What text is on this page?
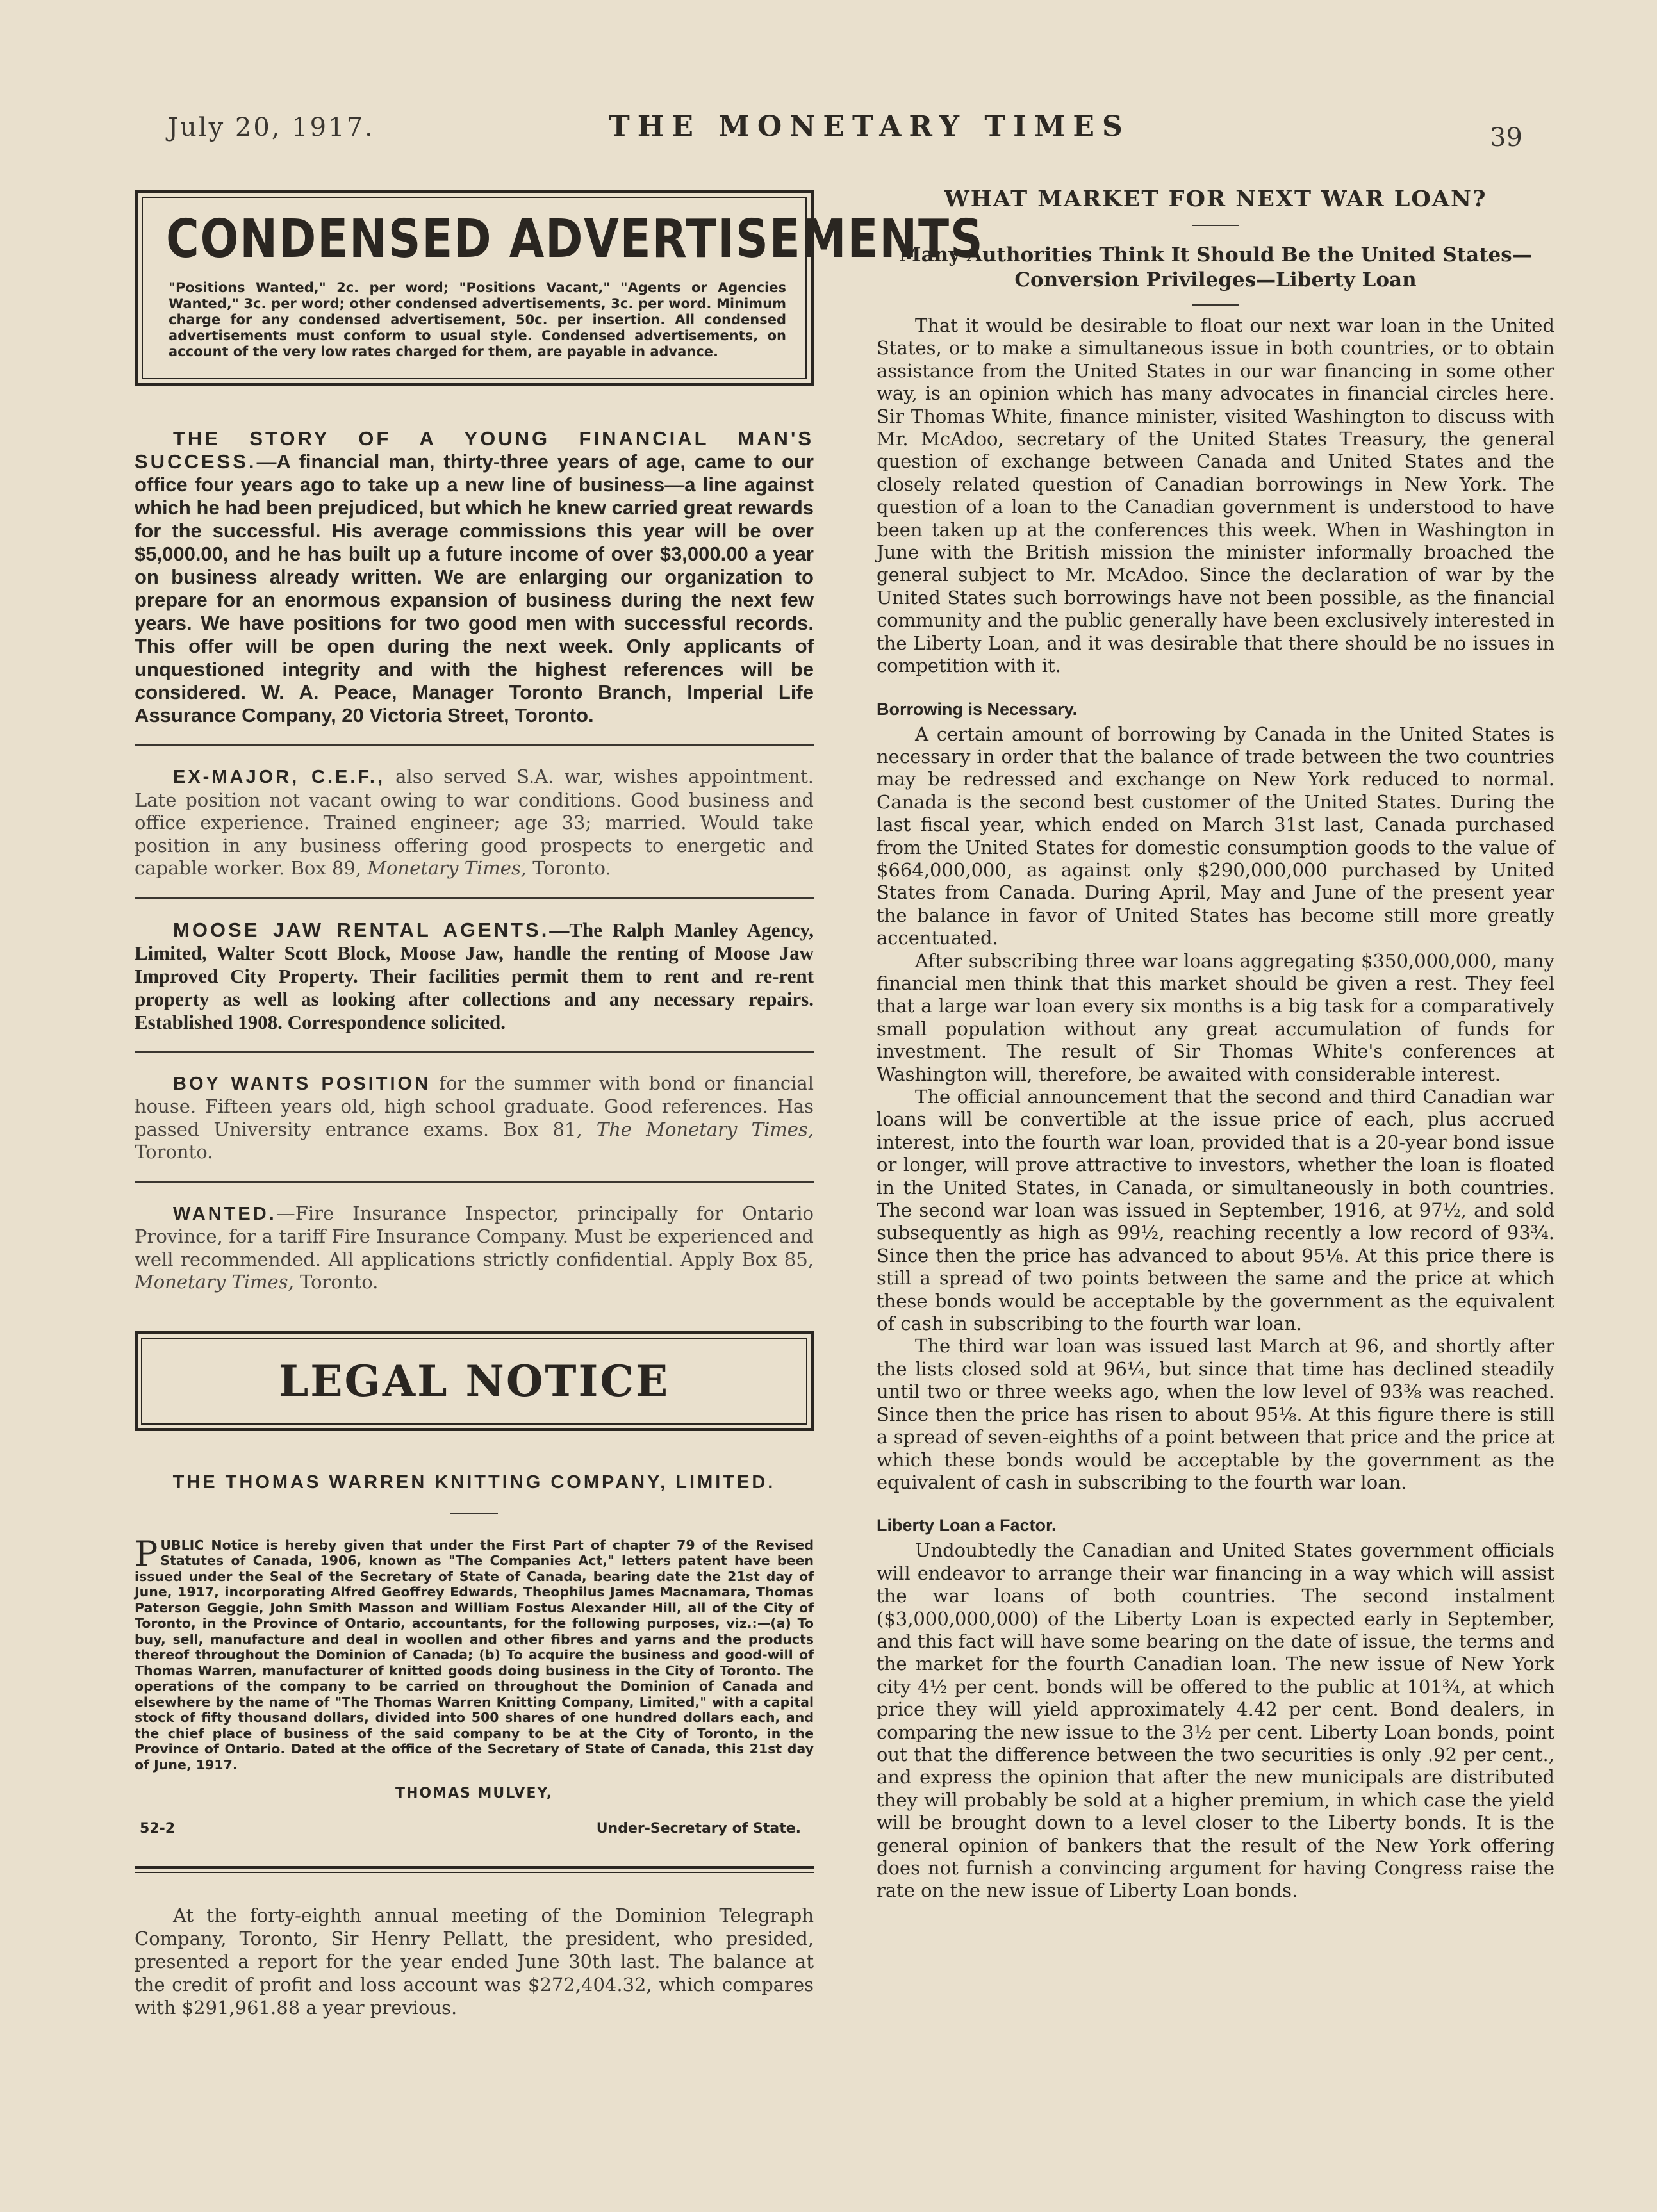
July 20, 1917.	THE MONETARY TIMES	39
CONDENSED ADVERTISEMENTS

"Positions Wanted," 2c. per word; "Positions Vacant," "Agents or Agencies Wanted," 3c. per word; other condensed advertisements, 3c. per word. Minimum charge for any condensed advertisement, 50c. per insertion. All condensed advertisements must conform to usual style. Condensed advertisements, on account of the very low rates charged for them, are payable in advance.

THE STORY OF A YOUNG FINANCIAL MAN'S SUCCESS.—A financial man, thirty-three years of age, came to our office four years ago to take up a new line of business—a line against which he had been prejudiced, but which he knew carried great rewards for the successful. His average commissions this year will be over $5,000.00, and he has built up a future income of over $3,000.00 a year on business already written. We are enlarging our organization to prepare for an enormous expansion of business during the next few years. We have positions for two good men with successful records. This offer will be open during the next week. Only applicants of unquestioned integrity and with the highest references will be considered. W. A. Peace, Manager Toronto Branch, Imperial Life Assurance Company, 20 Victoria Street, Toronto.

EX-MAJOR, C.E.F., also served S.A. war, wishes appointment. Late position not vacant owing to war conditions. Good business and office experience. Trained engineer; age 33; married. Would take position in any business offering good prospects to energetic and capable worker. Box 89, Monetary Times, Toronto.

MOOSE JAW RENTAL AGENTS.—The Ralph Manley Agency, Limited, Walter Scott Block, Moose Jaw, handle the renting of Moose Jaw Improved City Property. Their facilities permit them to rent and re-rent property as well as looking after collections and any necessary repairs. Established 1908. Correspondence solicited.

BOY WANTS POSITION for the summer with bond or financial house. Fifteen years old, high school graduate. Good references. Has passed University entrance exams. Box 81, The Monetary Times, Toronto.

WANTED.—Fire Insurance Inspector, principally for Ontario Province, for a tariff Fire Insurance Company. Must be experienced and well recommended. All applications strictly confidential. Apply Box 85, Monetary Times, Toronto.

LEGAL NOTICE
THE THOMAS WARREN KNITTING COMPANY, LIMITED.

PUBLIC Notice is hereby given that under the First Part of chapter 79 of the Revised Statutes of Canada, 1906, known as "The Companies Act," letters patent have been issued under the Seal of the Secretary of State of Canada, bearing date the 21st day of June, 1917, incorporating Alfred Geoffrey Edwards, Theophilus James Macnamara, Thomas Paterson Geggie, John Smith Masson and William Fostus Alexander Hill, all of the City of Toronto, in the Province of Ontario, accountants, for the following purposes, viz.:—(a) To buy, sell, manufacture and deal in woollen and other fibres and yarns and the products thereof throughout the Dominion of Canada; (b) To acquire the business and good-will of Thomas Warren, manufacturer of knitted goods doing business in the City of Toronto. The operations of the company to be carried on throughout the Dominion of Canada and elsewhere by the name of "The Thomas Warren Knitting Company, Limited," with a capital stock of fifty thousand dollars, divided into 500 shares of one hundred dollars each, and the chief place of business of the said company to be at the City of Toronto, in the Province of Ontario. Dated at the office of the Secretary of State of Canada, this 21st day of June, 1917.

THOMAS MULVEY,
52-2	Under-Secretary of State.

At the forty-eighth annual meeting of the Dominion Telegraph Company, Toronto, Sir Henry Pellatt, the president, who presided, presented a report for the year ended June 30th last. The balance at the credit of profit and loss account was $272,404.32, which compares with $291,961.88 a year previous.

WHAT MARKET FOR NEXT WAR LOAN?
Many Authorities Think It Should Be the United States—Conversion Privileges—Liberty Loan

That it would be desirable to float our next war loan in the United States, or to make a simultaneous issue in both countries, or to obtain assistance from the United States in our war financing in some other way, is an opinion which has many advocates in financial circles here. Sir Thomas White, finance minister, visited Washington to discuss with Mr. McAdoo, secretary of the United States Treasury, the general question of exchange between Canada and United States and the closely related question of Canadian borrowings in New York. The question of a loan to the Canadian government is understood to have been taken up at the conferences this week. When in Washington in June with the British mission the minister informally broached the general subject to Mr. McAdoo. Since the declaration of war by the United States such borrowings have not been possible, as the financial community and the public generally have been exclusively interested in the Liberty Loan, and it was desirable that there should be no issues in competition with it.

Borrowing is Necessary.

A certain amount of borrowing by Canada in the United States is necessary in order that the balance of trade between the two countries may be redressed and exchange on New York reduced to normal. Canada is the second best customer of the United States. During the last fiscal year, which ended on March 31st last, Canada purchased from the United States for domestic consumption goods to the value of $664,000,000, as against only $290,000,000 purchased by United States from Canada. During April, May and June of the present year the balance in favor of United States has become still more greatly accentuated.

After subscribing three war loans aggregating $350,000,000, many financial men think that this market should be given a rest. They feel that a large war loan every six months is a big task for a comparatively small population without any great accumulation of funds for investment. The result of Sir Thomas White's conferences at Washington will, therefore, be awaited with considerable interest.

The official announcement that the second and third Canadian war loans will be convertible at the issue price of each, plus accrued interest, into the fourth war loan, provided that is a 20-year bond issue or longer, will prove attractive to investors, whether the loan is floated in the United States, in Canada, or simultaneously in both countries. The second war loan was issued in September, 1916, at 97½, and sold subsequently as high as 99½, reaching recently a low record of 93¾. Since then the price has advanced to about 95⅛. At this price there is still a spread of two points between the same and the price at which these bonds would be acceptable by the government as the equivalent of cash in subscribing to the fourth war loan.

The third war loan was issued last March at 96, and shortly after the lists closed sold at 96¼, but since that time has declined steadily until two or three weeks ago, when the low level of 93⅜ was reached. Since then the price has risen to about 95⅛. At this figure there is still a spread of seven-eighths of a point between that price and the price at which these bonds would be acceptable by the government as the equivalent of cash in subscribing to the fourth war loan.

Liberty Loan a Factor.

Undoubtedly the Canadian and United States government officials will endeavor to arrange their war financing in a way which will assist the war loans of both countries. The second instalment ($3,000,000,000) of the Liberty Loan is expected early in September, and this fact will have some bearing on the date of issue, the terms and the market for the fourth Canadian loan. The new issue of New York city 4½ per cent. bonds will be offered to the public at 101¾, at which price they will yield approximately 4.42 per cent. Bond dealers, in comparing the new issue to the 3½ per cent. Liberty Loan bonds, point out that the difference between the two securities is only .92 per cent., and express the opinion that after the new municipals are distributed they will probably be sold at a higher premium, in which case the yield will be brought down to a level closer to the Liberty bonds. It is the general opinion of bankers that the result of the New York offering does not furnish a convincing argument for having Congress raise the rate on the new issue of Liberty Loan bonds.
